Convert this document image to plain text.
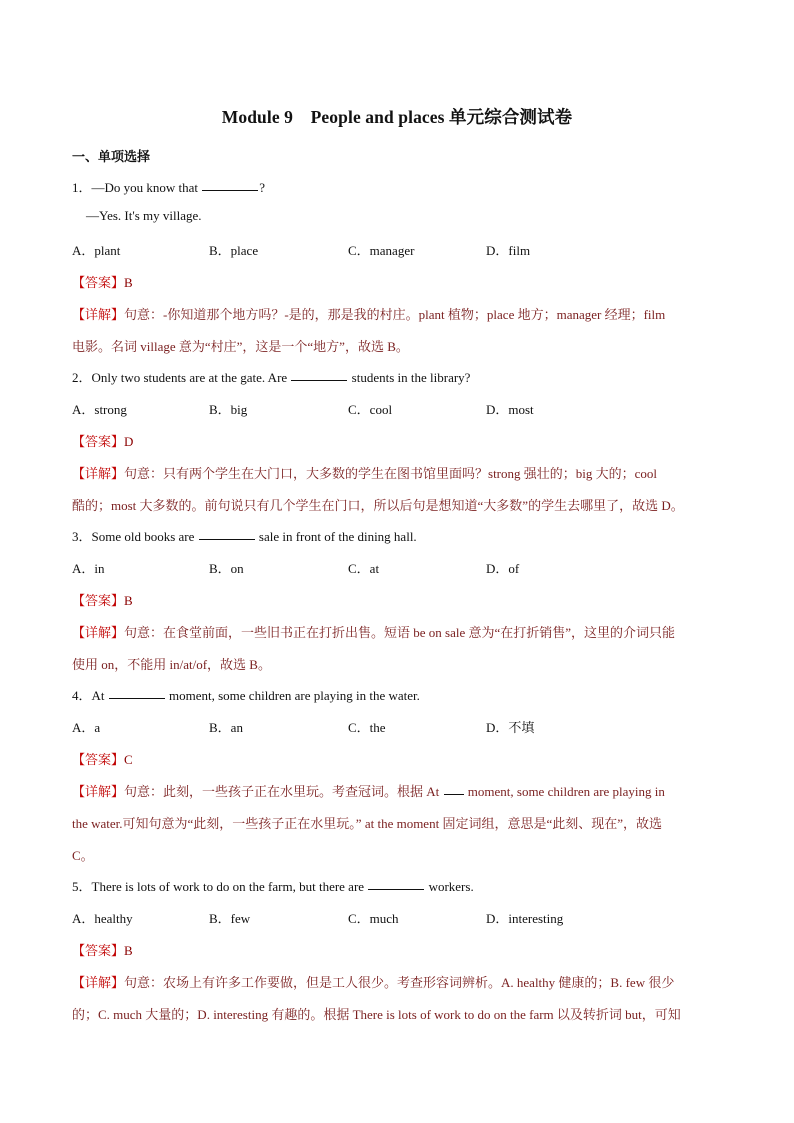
Module 9　People and places 单元综合测试卷
一、单项选择
1．—Do you know that	?
—Yes. It's my village.
A．plant	B．place	C．manager	D．film
【答案】B
【详解】句意：-你知道那个地方吗？-是的，那是我的村庄。plant 植物；place 地方；manager 经理；film
电影。名词 village 意为“村庄”，这是一个“地方”，故选 B。
2．Only two students are at the gate. Are	students in the library?
A．strong	B．big	C．cool	D．most
【答案】D
【详解】句意：只有两个学生在大门口，大多数的学生在图书馆里面吗？strong 强壮的；big 大的；cool
酷的；most 大多数的。前句说只有几个学生在门口，所以后句是想知道“大多数”的学生去哪里了，故选 D。
3．Some old books are	sale in front of the dining hall.
A．in	B．on	C．at	D．of
【答案】B
【详解】句意：在食堂前面，一些旧书正在打折出售。短语 be on sale 意为“在打折销售”，这里的介词只能
使用 on，不能用 in/at/of，故选 B。
4．At	moment, some children are playing in the water.
A．a	B．an	C．the	D．不填
【答案】C
【详解】句意：此刻，一些孩子正在水里玩。考查冠词。根据 At  moment, some children are playing in
the water.可知句意为“此刻，一些孩子正在水里玩。” at the moment 固定词组，意思是“此刻、现在”，故选
C。
5．There is lots of work to do on the farm, but there are	workers.
A．healthy	B．few	C．much	D．interesting
【答案】B
【详解】句意：农场上有许多工作要做，但是工人很少。考查形容词辨析。A. healthy 健康的；B. few 很少
的；C. much 大量的；D. interesting 有趣的。根据 There is lots of work to do on the farm 以及转折词 but，可知
